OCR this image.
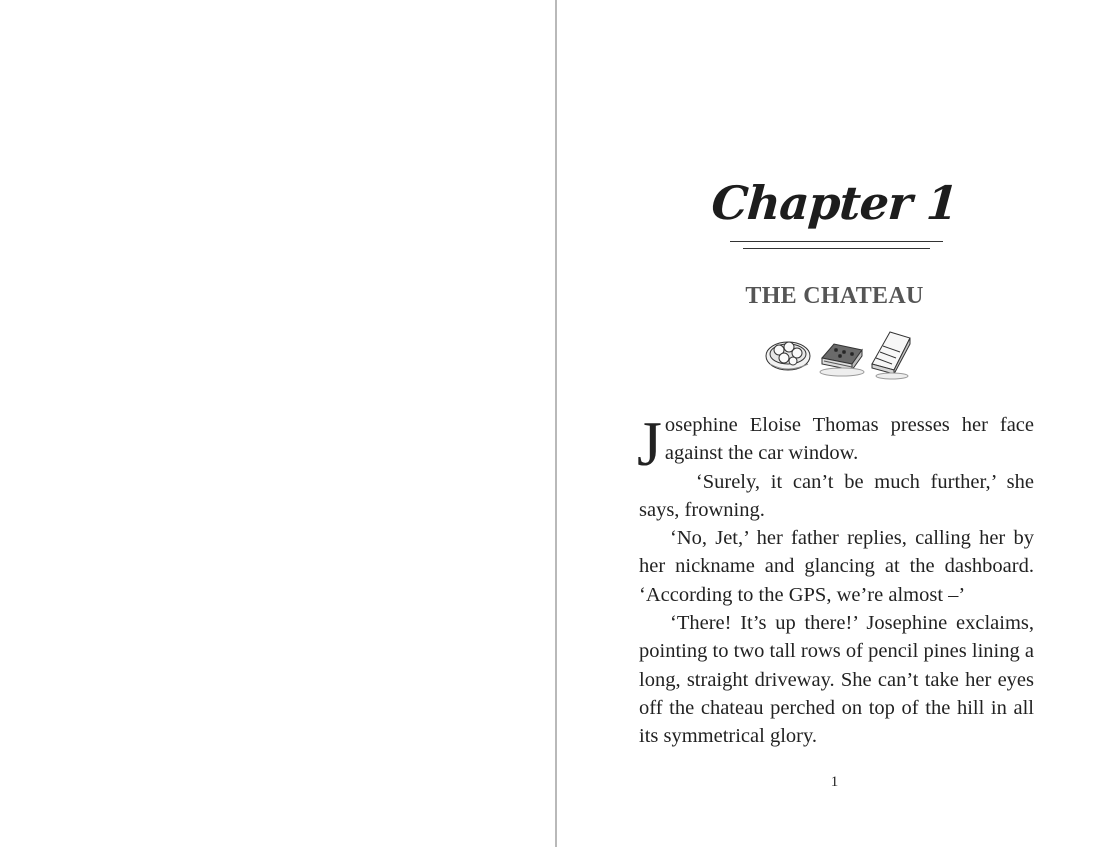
Chapter 1
THE CHATEAU

Josephine Eloise Thomas presses her face against the car window.

‘Surely, it can’t be much further,’ she says, frowning.

‘No, Jet,’ her father replies, calling her by her nickname and glancing at the dashboard. ‘According to the GPS, we’re almost –’

‘There! It’s up there!’ Josephine exclaims, pointing to two tall rows of pencil pines lining a long, straight driveway. She can’t take her eyes off the chateau perched on top of the hill in all its symmetrical glory.

1
